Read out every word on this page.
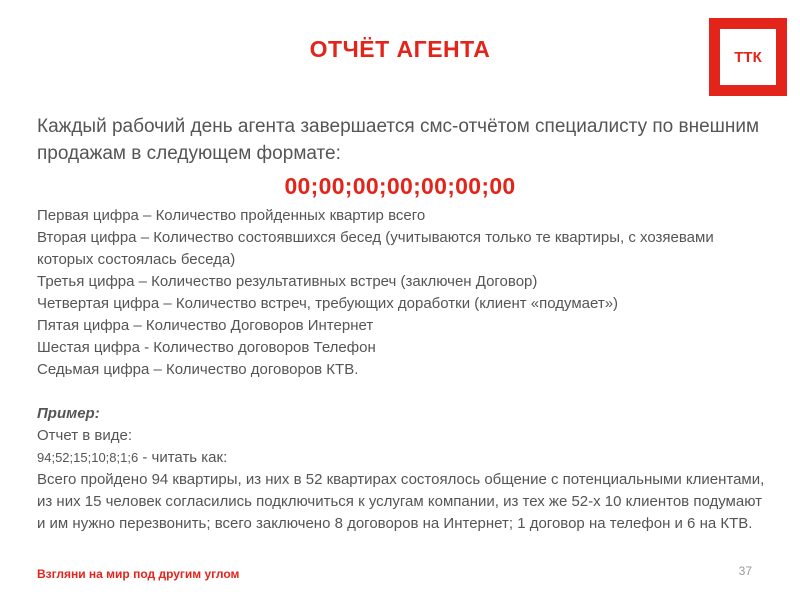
ОТЧЁТ АГЕНТА	ТТК
Каждый рабочий день агента завершается смс-отчётом специалисту по внешним продажам в следующем формате:
00;00;00;00;00;00;00
Первая цифра – Количество пройденных квартир всего
Вторая цифра – Количество состоявшихся бесед (учитываются только те квартиры, с хозяевами которых состоялась беседа)
Третья цифра – Количество результативных встреч (заключен Договор)
Четвертая цифра – Количество встреч, требующих доработки (клиент «подумает»)
Пятая цифра – Количество Договоров Интернет
Шестая цифра - Количество договоров Телефон
Седьмая цифра – Количество договоров КТВ.
Пример:
Отчет в виде:
94;52;15;10;8;1;6 - читать как:
Всего пройдено 94 квартиры, из них в 52 квартирах состоялось общение с потенциальными клиентами, из них 15 человек согласились подключиться к услугам компании, из тех же 52-х 10 клиентов подумают и им нужно перезвонить; всего заключено 8 договоров на Интернет; 1 договор на телефон и 6 на КТВ.
Взгляни на мир под другим углом	37
